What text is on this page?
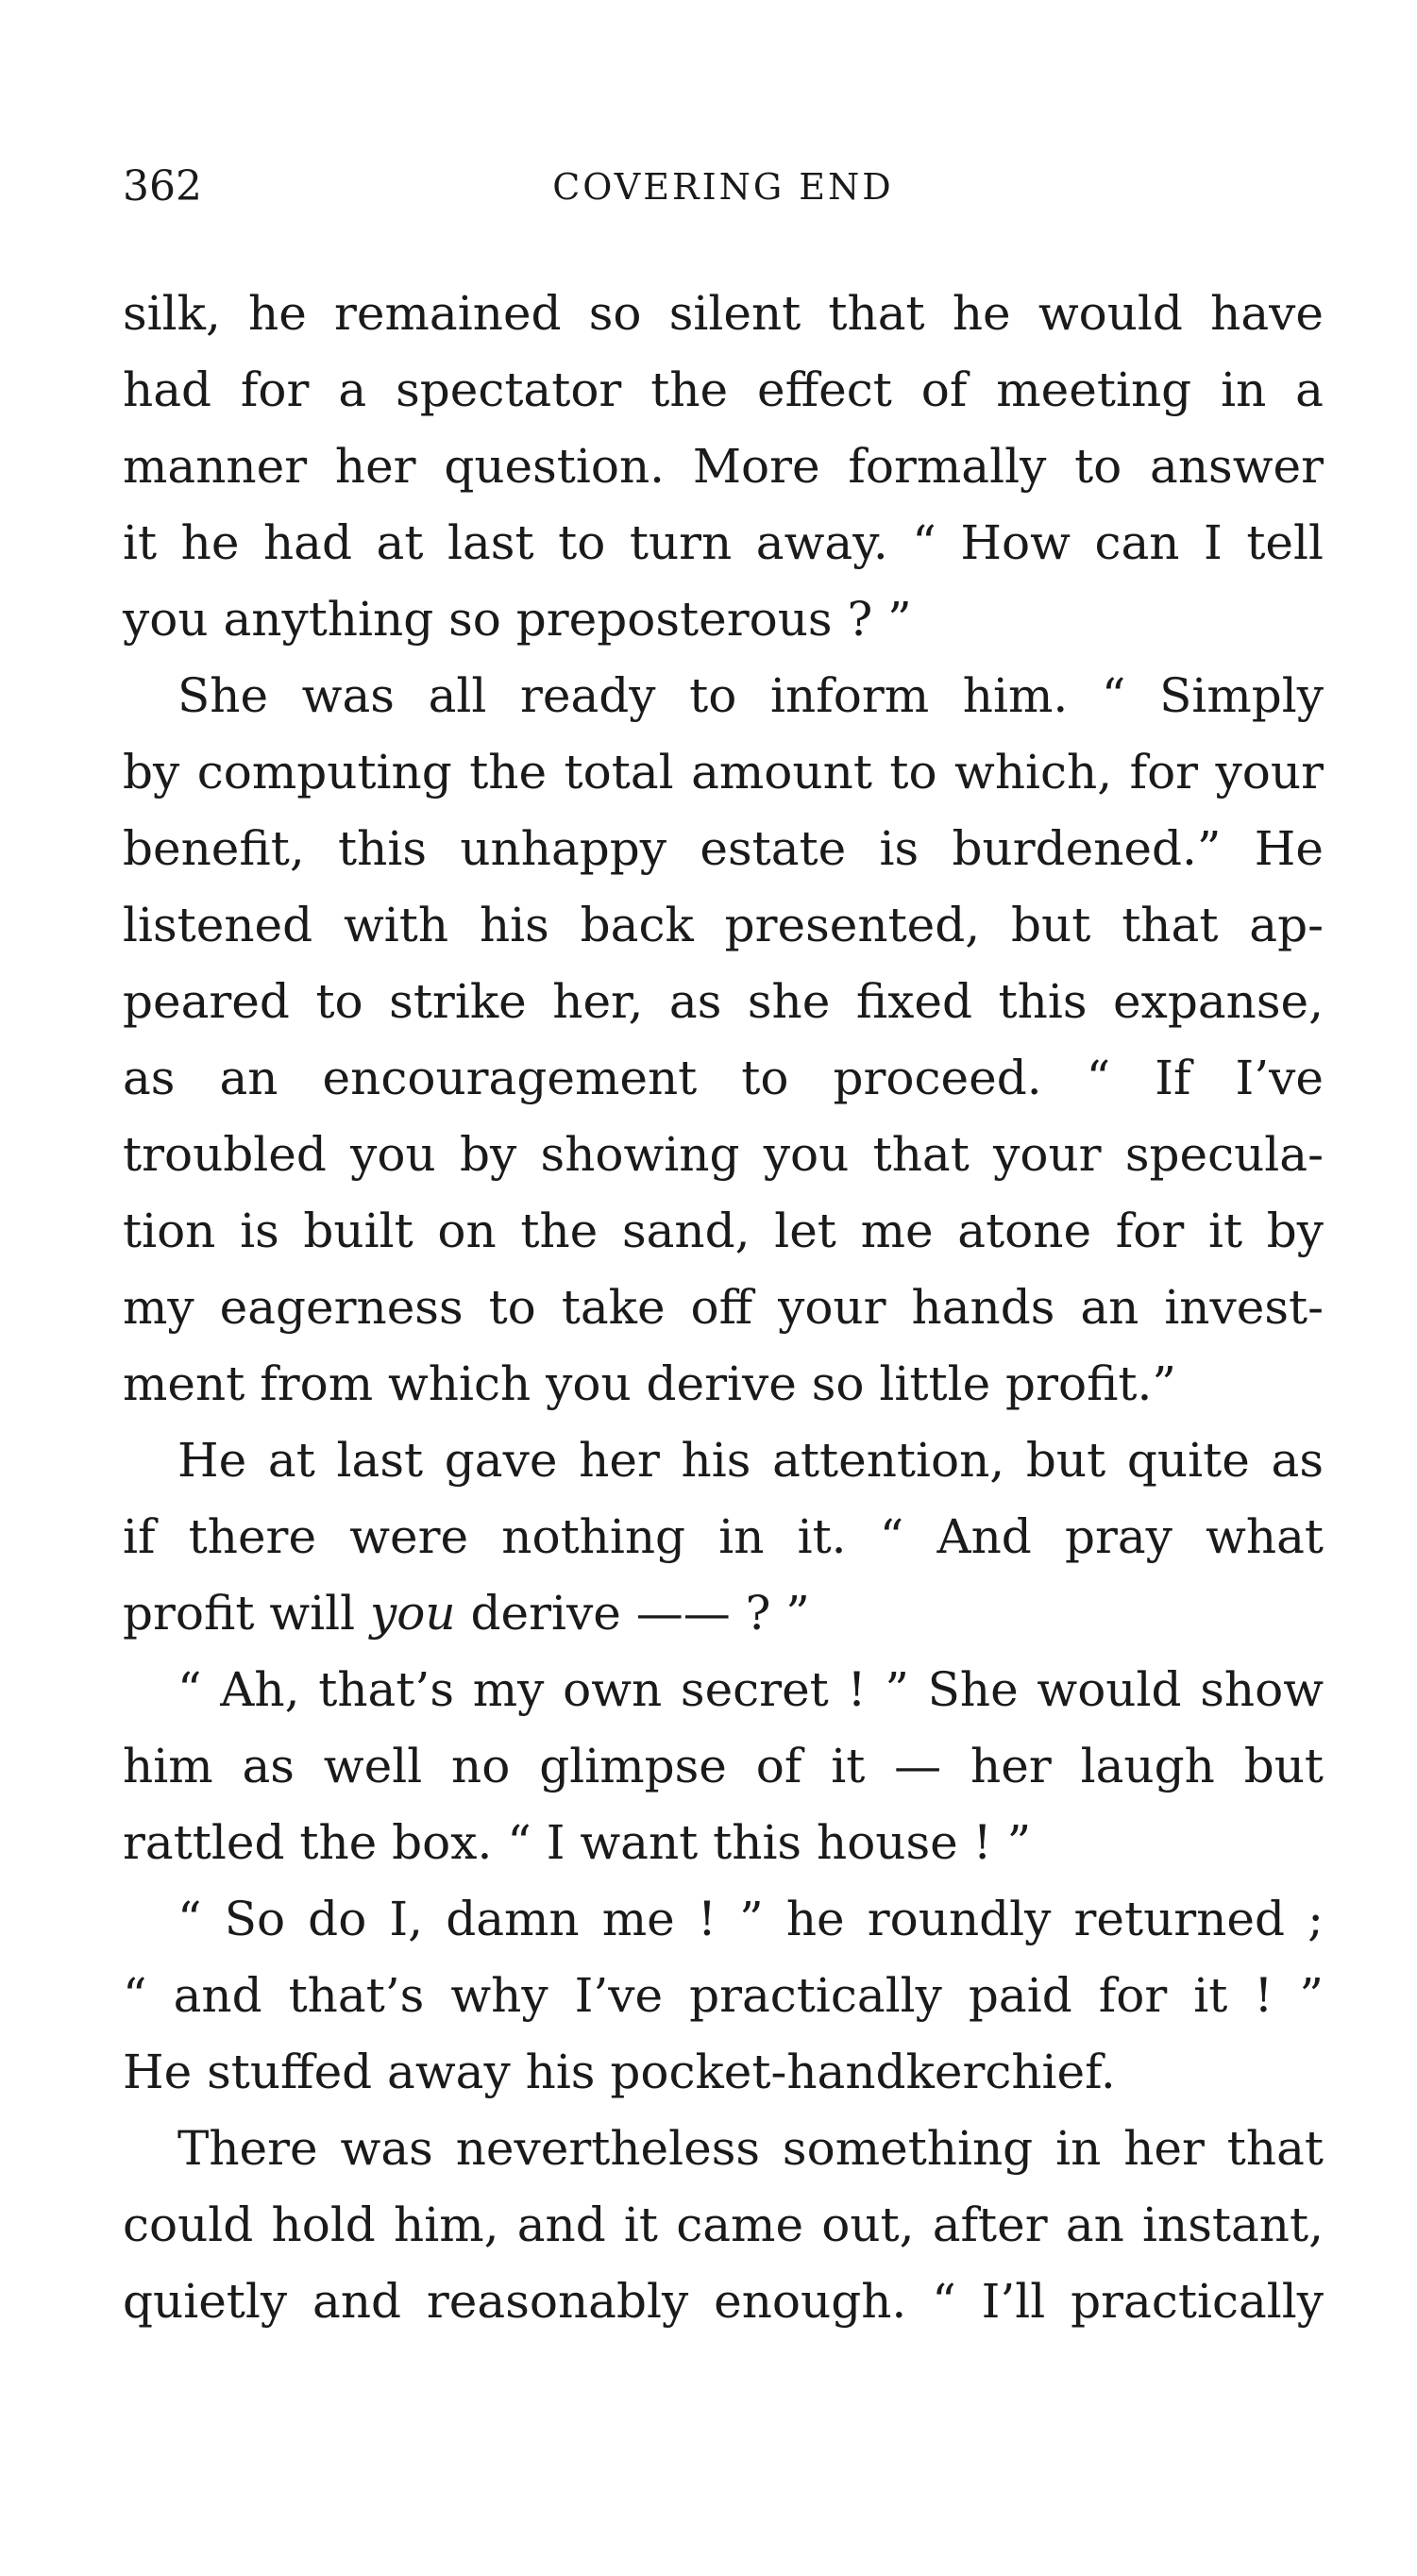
362	COVERING END
silk, he remained so silent that he would have
had for a spectator the effect of meeting in a
manner her question. More formally to answer
it he had at last to turn away. “ How can I tell
you anything so preposterous ? ”
She was all ready to inform him. “ Simply
by computing the total amount to which, for your
benefit, this unhappy estate is burdened.” He
listened with his back presented, but that ap-
peared to strike her, as she fixed this expanse,
as an encouragement to proceed. “ If I’ve
troubled you by showing you that your specula-
tion is built on the sand, let me atone for it by
my eagerness to take off your hands an invest-
ment from which you derive so little profit.”
He at last gave her his attention, but quite as
if there were nothing in it. “ And pray what
profit will you derive —— ? ”
“ Ah, that’s my own secret ! ” She would show
him as well no glimpse of it — her laugh but
rattled the box. “ I want this house ! ”
“ So do I, damn me ! ” he roundly returned ;
“ and that’s why I’ve practically paid for it ! ”
He stuffed away his pocket-handkerchief.
There was nevertheless something in her that
could hold him, and it came out, after an instant,
quietly and reasonably enough. “ I’ll practically
